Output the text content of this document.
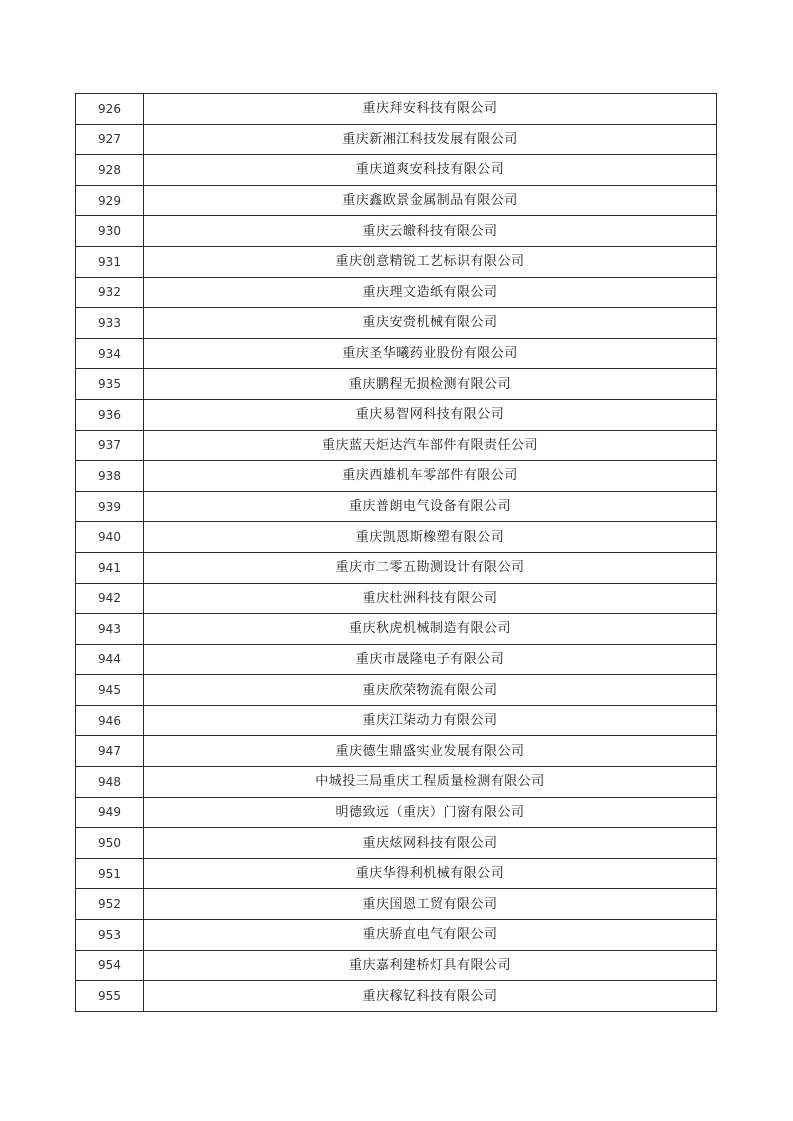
926	重庆拜安科技有限公司
927	重庆新湘江科技发展有限公司
928	重庆道爽安科技有限公司
929	重庆鑫欧景金属制品有限公司
930	重庆云皦科技有限公司
931	重庆创意精锐工艺标识有限公司
932	重庆理文造纸有限公司
933	重庆安赍机械有限公司
934	重庆圣华曦药业股份有限公司
935	重庆鹏程无损检测有限公司
936	重庆易智网科技有限公司
937	重庆蓝天炬达汽车部件有限责任公司
938	重庆西雄机车零部件有限公司
939	重庆普朗电气设备有限公司
940	重庆凯恩斯橡塑有限公司
941	重庆市二零五勘测设计有限公司
942	重庆杜洲科技有限公司
943	重庆秋虎机械制造有限公司
944	重庆市晟隆电子有限公司
945	重庆欣荣物流有限公司
946	重庆江柒动力有限公司
947	重庆德生鼎盛实业发展有限公司
948	中城投三局重庆工程质量检测有限公司
949	明德致远（重庆）门窗有限公司
950	重庆炫网科技有限公司
951	重庆华得利机械有限公司
952	重庆国恩工贸有限公司
953	重庆骄直电气有限公司
954	重庆嘉利建桥灯具有限公司
955	重庆稼钇科技有限公司
